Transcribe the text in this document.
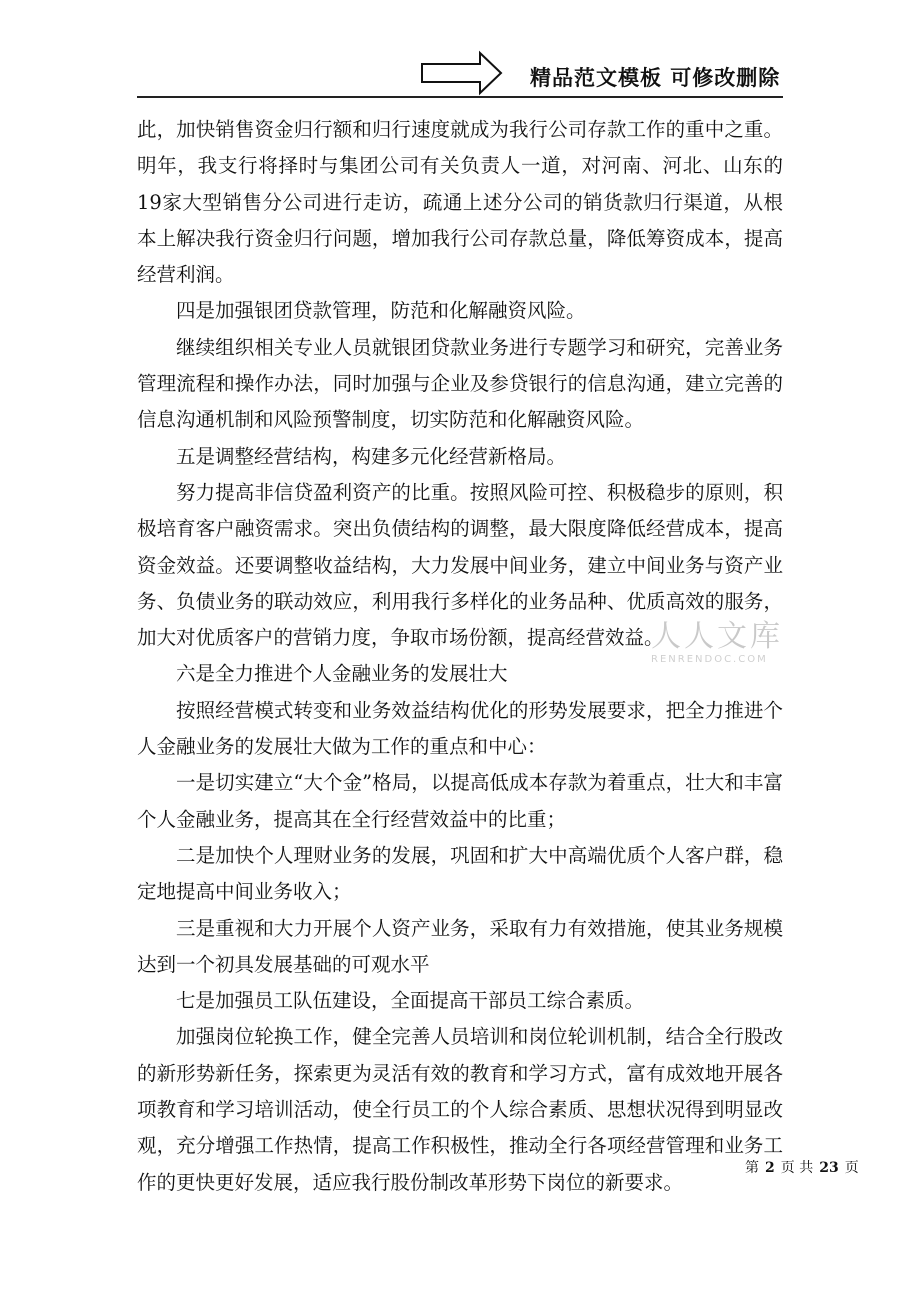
精品范文模板 可修改删除

此，加快销售资金归行额和归行速度就成为我行公司存款工作的重中之重。明年，我支行将择时与集团公司有关负责人一道，对河南、河北、山东的19家大型销售分公司进行走访，疏通上述分公司的销货款归行渠道，从根本上解决我行资金归行问题，增加我行公司存款总量，降低筹资成本，提高经营利润。

四是加强银团贷款管理，防范和化解融资风险。

继续组织相关专业人员就银团贷款业务进行专题学习和研究，完善业务管理流程和操作办法，同时加强与企业及参贷银行的信息沟通，建立完善的信息沟通机制和风险预警制度，切实防范和化解融资风险。

五是调整经营结构，构建多元化经营新格局。

努力提高非信贷盈利资产的比重。按照风险可控、积极稳步的原则，积极培育客户融资需求。突出负债结构的调整，最大限度降低经营成本，提高资金效益。还要调整收益结构，大力发展中间业务，建立中间业务与资产业务、负债业务的联动效应，利用我行多样化的业务品种、优质高效的服务，加大对优质客户的营销力度，争取市场份额，提高经营效益。

六是全力推进个人金融业务的发展壮大

按照经营模式转变和业务效益结构优化的形势发展要求，把全力推进个人金融业务的发展壮大做为工作的重点和中心：

一是切实建立“大个金”格局，以提高低成本存款为着重点，壮大和丰富个人金融业务，提高其在全行经营效益中的比重；

二是加快个人理财业务的发展，巩固和扩大中高端优质个人客户群，稳定地提高中间业务收入；

三是重视和大力开展个人资产业务，采取有力有效措施，使其业务规模达到一个初具发展基础的可观水平

七是加强员工队伍建设，全面提高干部员工综合素质。

加强岗位轮换工作，健全完善人员培训和岗位轮训机制，结合全行股改的新形势新任务，探索更为灵活有效的教育和学习方式，富有成效地开展各项教育和学习培训活动，使全行员工的个人综合素质、思想状况得到明显改观，充分增强工作热情，提高工作积极性，推动全行各项经营管理和业务工作的更快更好发展，适应我行股份制改革形势下岗位的新要求。

人人文库
RENRENDOC.COM
第 2 页 共 23 页
